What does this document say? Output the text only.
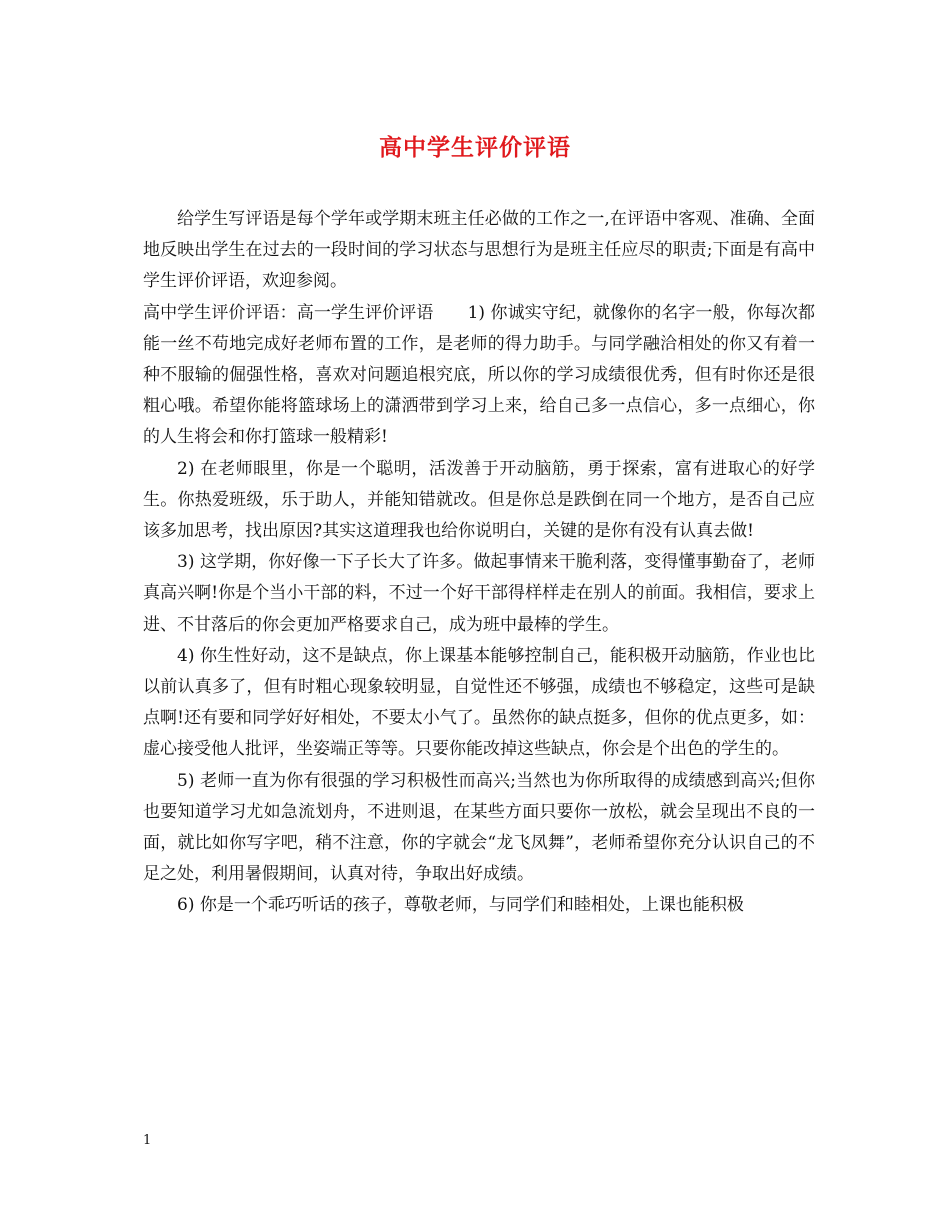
高中学生评价评语

给学生写评语是每个学年或学期末班主任必做的工作之一,在评语中客观、准确、全面地反映出学生在过去的一段时间的学习状态与思想行为是班主任应尽的职责;下面是有高中学生评价评语，欢迎参阅。

高中学生评价评语：高一学生评价评语　　1) 你诚实守纪，就像你的名字一般，你每次都能一丝不苟地完成好老师布置的工作，是老师的得力助手。与同学融洽相处的你又有着一种不服输的倔强性格，喜欢对问题追根究底，所以你的学习成绩很优秀，但有时你还是很粗心哦。希望你能将篮球场上的潇洒带到学习上来，给自己多一点信心，多一点细心，你的人生将会和你打篮球一般精彩!

2) 在老师眼里，你是一个聪明，活泼善于开动脑筋，勇于探索，富有进取心的好学生。你热爱班级，乐于助人，并能知错就改。但是你总是跌倒在同一个地方，是否自己应该多加思考，找出原因?其实这道理我也给你说明白，关键的是你有没有认真去做!

3) 这学期，你好像一下子长大了许多。做起事情来干脆利落，变得懂事勤奋了，老师真高兴啊!你是个当小干部的料，不过一个好干部得样样走在别人的前面。我相信，要求上进、不甘落后的你会更加严格要求自己，成为班中最棒的学生。

4) 你生性好动，这不是缺点，你上课基本能够控制自己，能积极开动脑筋，作业也比以前认真多了，但有时粗心现象较明显，自觉性还不够强，成绩也不够稳定，这些可是缺点啊!还有要和同学好好相处，不要太小气了。虽然你的缺点挺多，但你的优点更多，如：虚心接受他人批评，坐姿端正等等。只要你能改掉这些缺点，你会是个出色的学生的。

5) 老师一直为你有很强的学习积极性而高兴;当然也为你所取得的成绩感到高兴;但你也要知道学习尤如急流划舟，不进则退，在某些方面只要你一放松，就会呈现出不良的一面，就比如你写字吧，稍不注意，你的字就会“龙飞凤舞”，老师希望你充分认识自己的不足之处，利用暑假期间，认真对待，争取出好成绩。

6) 你是一个乖巧听话的孩子，尊敬老师，与同学们和睦相处，上课也能积极

1
